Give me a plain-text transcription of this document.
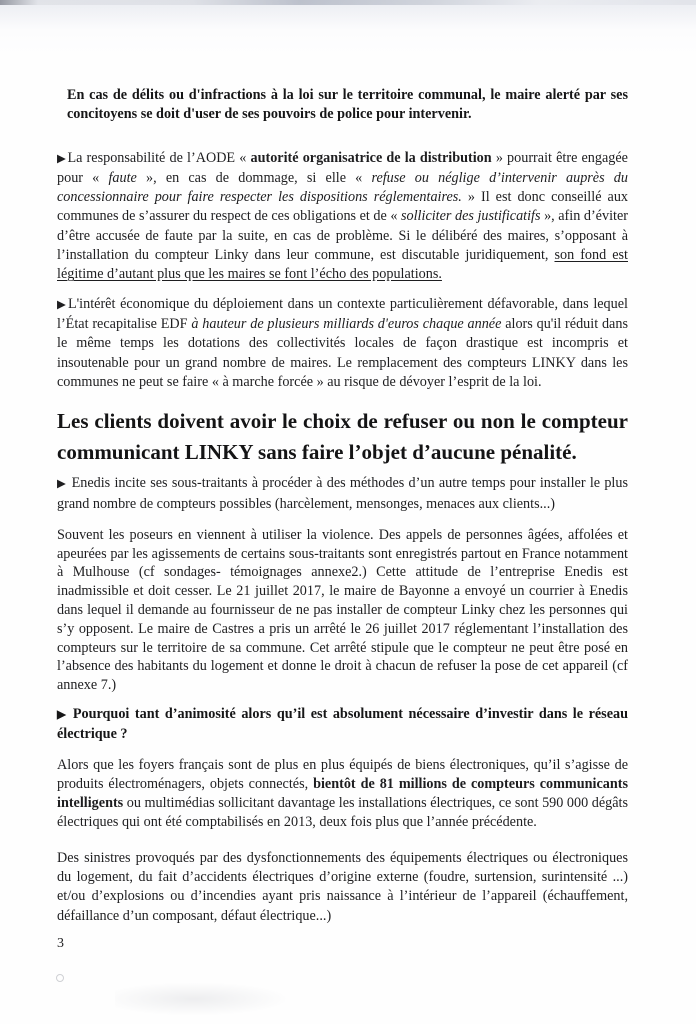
En cas de délits ou d'infractions à la loi sur le territoire communal, le maire alerté par ses concitoyens se doit d'user de ses pouvoirs de police pour intervenir.

▶La responsabilité de l’AODE « autorité organisatrice de la distribution » pourrait être engagée pour « faute », en cas de dommage, si elle « refuse ou néglige d’intervenir auprès du concessionnaire pour faire respecter les dispositions réglementaires. » Il est donc conseillé aux communes de s’assurer du respect de ces obligations et de « solliciter des justificatifs », afin d’éviter d’être accusée de faute par la suite, en cas de problème. Si le délibéré des maires, s’opposant à l’installation du compteur Linky dans leur commune, est discutable juridiquement, son fond est légitime d’autant plus que les maires se font l’écho des populations.

▶L'intérêt économique du déploiement dans un contexte particulièrement défavorable, dans lequel l’État recapitalise EDF à hauteur de plusieurs milliards d'euros chaque année alors qu'il réduit dans le même temps les dotations des collectivités locales de façon drastique est incompris et insoutenable pour un grand nombre de maires. Le remplacement des compteurs LINKY dans les communes ne peut se faire « à marche forcée » au risque de dévoyer l’esprit de la loi.

Les clients doivent avoir le choix de refuser ou non le compteur
communicant LINKY sans faire l’objet d’aucune pénalité.

▶ Enedis incite ses sous-traitants à procéder à des méthodes d’un autre temps pour installer le plus grand nombre de compteurs possibles (harcèlement, mensonges, menaces aux clients...)

Souvent les poseurs en viennent à utiliser la violence. Des appels de personnes âgées, affolées et apeurées par les agissements de certains sous-traitants sont enregistrés partout en France notamment à Mulhouse (cf sondages- témoignages annexe2.) Cette attitude de l’entreprise Enedis est inadmissible et doit cesser. Le 21 juillet 2017, le maire de Bayonne a envoyé un courrier à Enedis dans lequel il demande au fournisseur de ne pas installer de compteur Linky chez les personnes qui s’y opposent. Le maire de Castres a pris un arrêté le 26 juillet 2017 réglementant l’installation des compteurs sur le territoire de sa commune. Cet arrêté stipule que le compteur ne peut être posé en l’absence des habitants du logement et donne le droit à chacun de refuser la pose de cet appareil (cf annexe 7.)

▶ Pourquoi tant d’animosité alors qu’il est absolument nécessaire d’investir dans le réseau électrique ?

Alors que les foyers français sont de plus en plus équipés de biens électroniques, qu’il s’agisse de produits électroménagers, objets connectés, bientôt de 81 millions de compteurs communicants intelligents ou multimédias sollicitant davantage les installations électriques, ce sont 590 000 dégâts électriques qui ont été comptabilisés en 2013, deux fois plus que l’année précédente.

Des sinistres provoqués par des dysfonctionnements des équipements électriques ou électroniques du logement, du fait d’accidents électriques d’origine externe (foudre, surtension, surintensité ...) et/ou d’explosions ou d’incendies ayant pris naissance à l’intérieur de l’appareil (échauffement, défaillance d’un composant, défaut électrique...)

3
